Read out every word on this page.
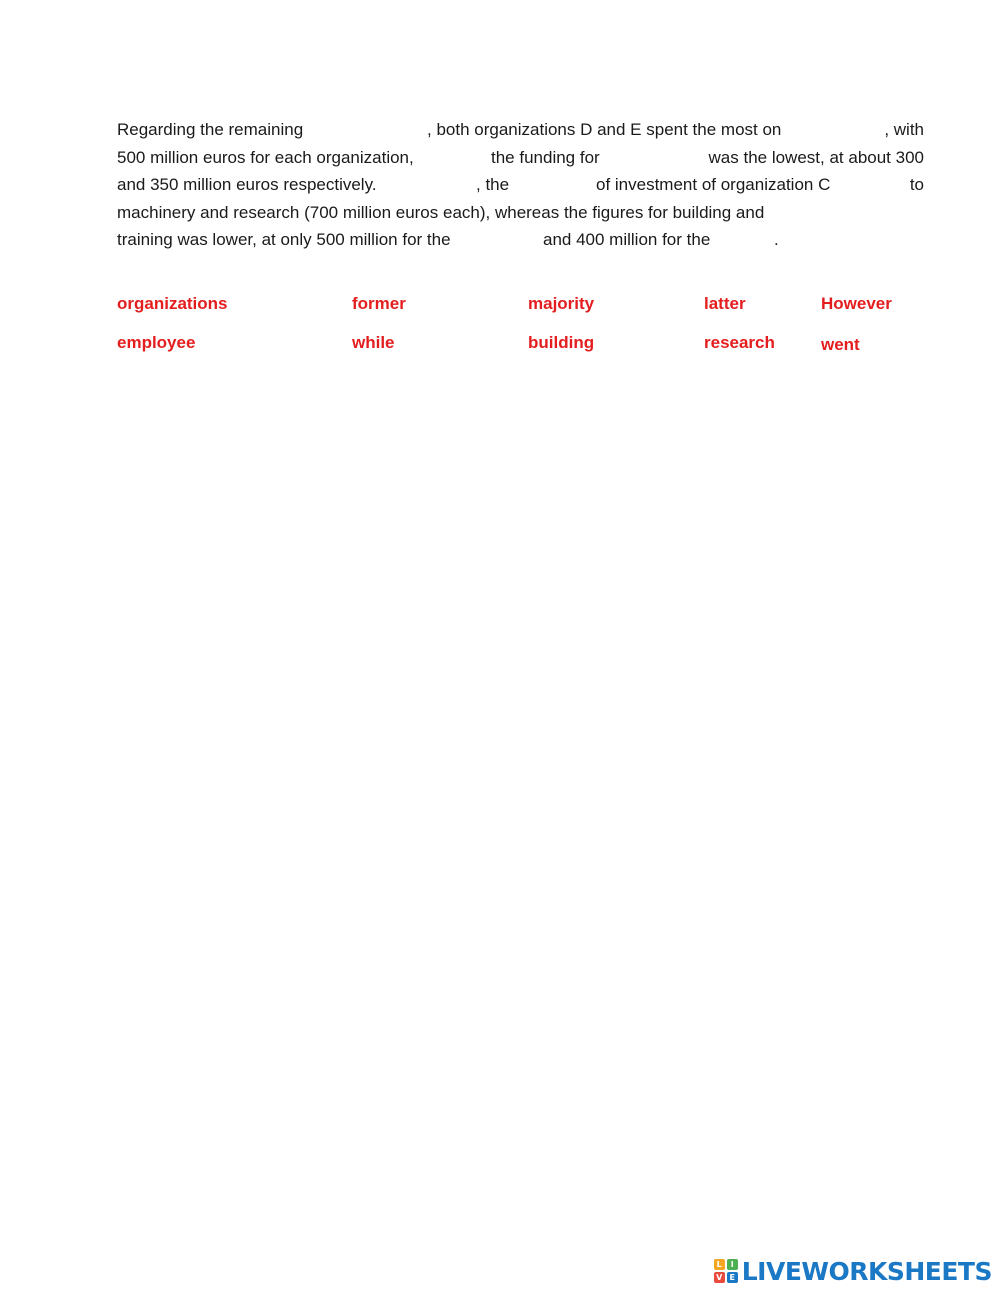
Regarding the remaining	, both organizations D and E spent the most on	, with
500 million euros for each organization,	the funding for	was the lowest, at about 300
and 350 million euros respectively.	, the	of investment of organization C	to
machinery and research (700 million euros each), whereas the figures for building and
training was lower, at only 500 million for the	and 400 million for the	.
organizations	former	majority	latter	However
employee	while	building	research	went
L	I
V E LIVEWORKSHEETS
